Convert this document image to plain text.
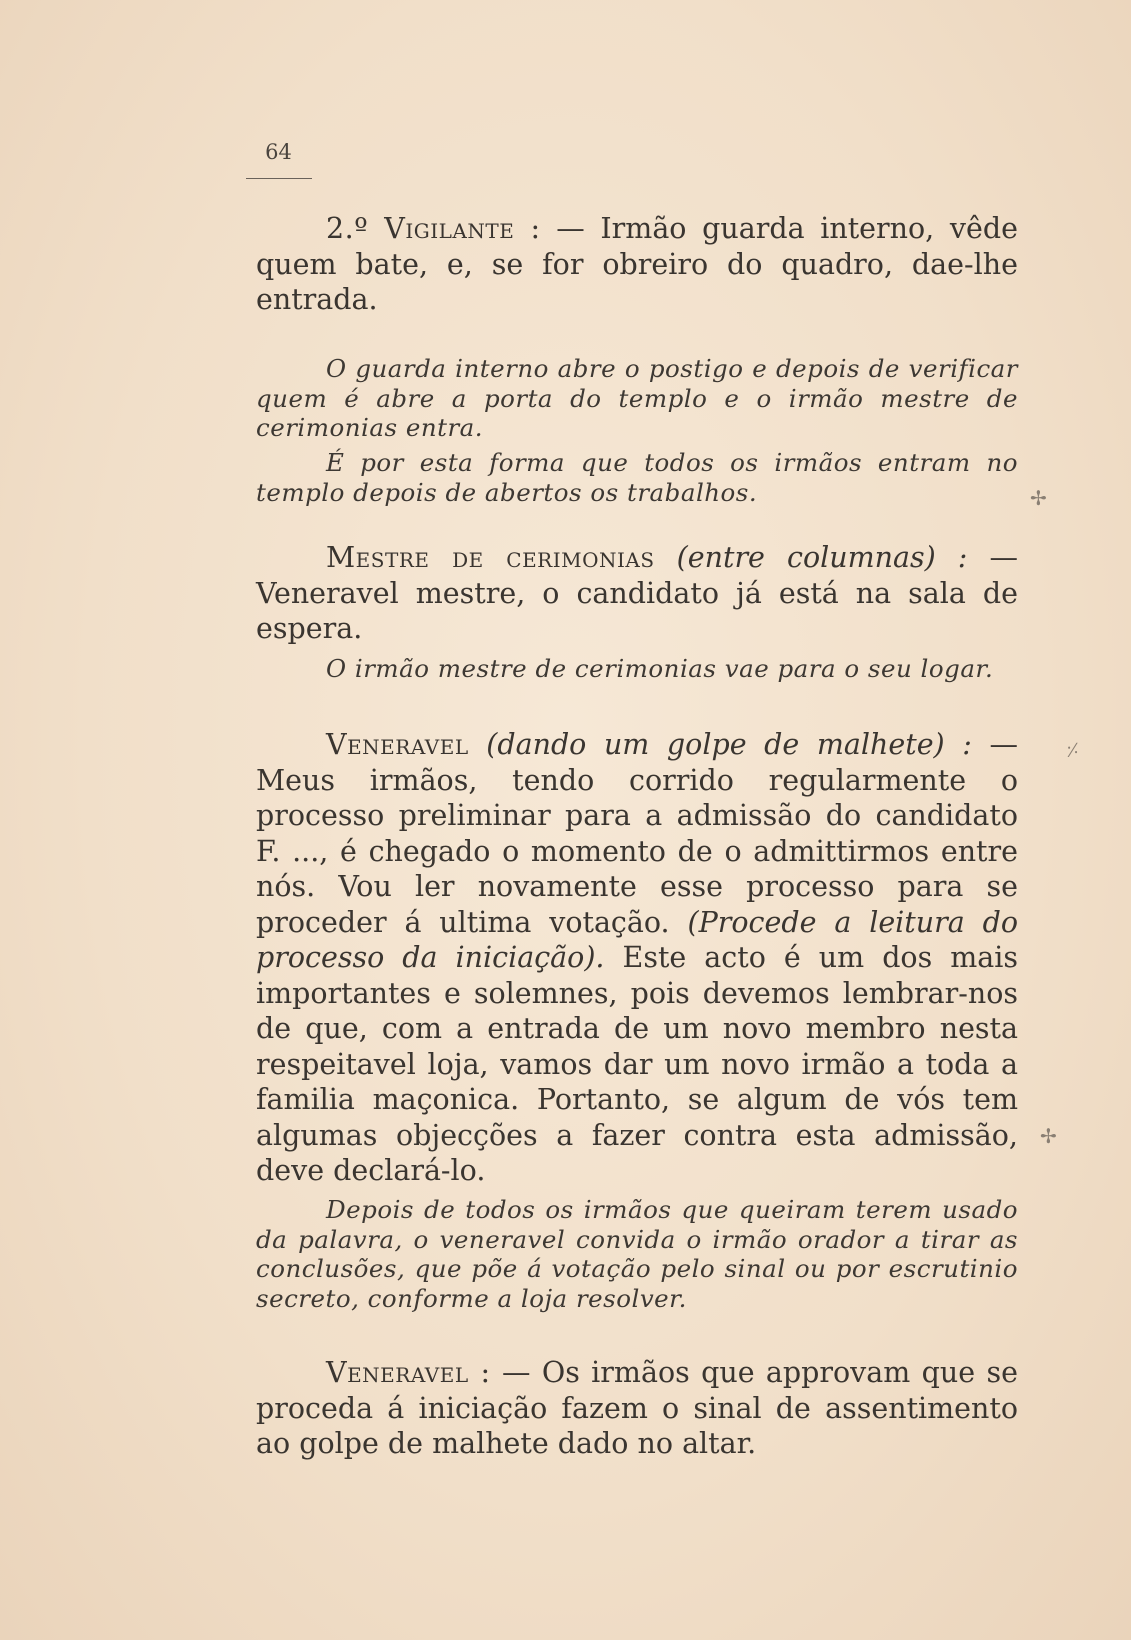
64

2.º Vigilante : — Irmão guarda interno, vêde quem bate, e, se for obreiro do quadro, dae-lhe entrada.

O guarda interno abre o postigo e depois de verificar quem é abre a porta do templo e o irmão mestre de cerimonias entra.

É por esta forma que todos os irmãos entram no templo depois de abertos os trabalhos.

Mestre de cerimonias (entre columnas) : — Veneravel mestre, o candidato já está na sala de espera.

O irmão mestre de cerimonias vae para o seu logar.

Veneravel (dando um golpe de malhete) : — Meus irmãos, tendo corrido regularmente o processo preliminar para a admissão do candidato F. ..., é chegado o momento de o admittirmos entre nós. Vou ler novamente esse processo para se proceder á ultima votação. (Procede a leitura do processo da iniciação). Este acto é um dos mais importantes e solemnes, pois devemos lembrar-nos de que, com a entrada de um novo membro nesta respeitavel loja, vamos dar um novo irmão a toda a familia maçonica. Portanto, se algum de vós tem algumas objecções a fazer contra esta admissão, deve declará-lo.

Depois de todos os irmãos que queiram terem usado da palavra, o veneravel convida o irmão orador a tirar as conclusões, que põe á votação pelo sinal ou por escrutinio secreto, conforme a loja resolver.

Veneravel : — Os irmãos que approvam que se proceda á iniciação fazem o sinal de assentimento ao golpe de malhete dado no altar.

✢
⸓
✢
